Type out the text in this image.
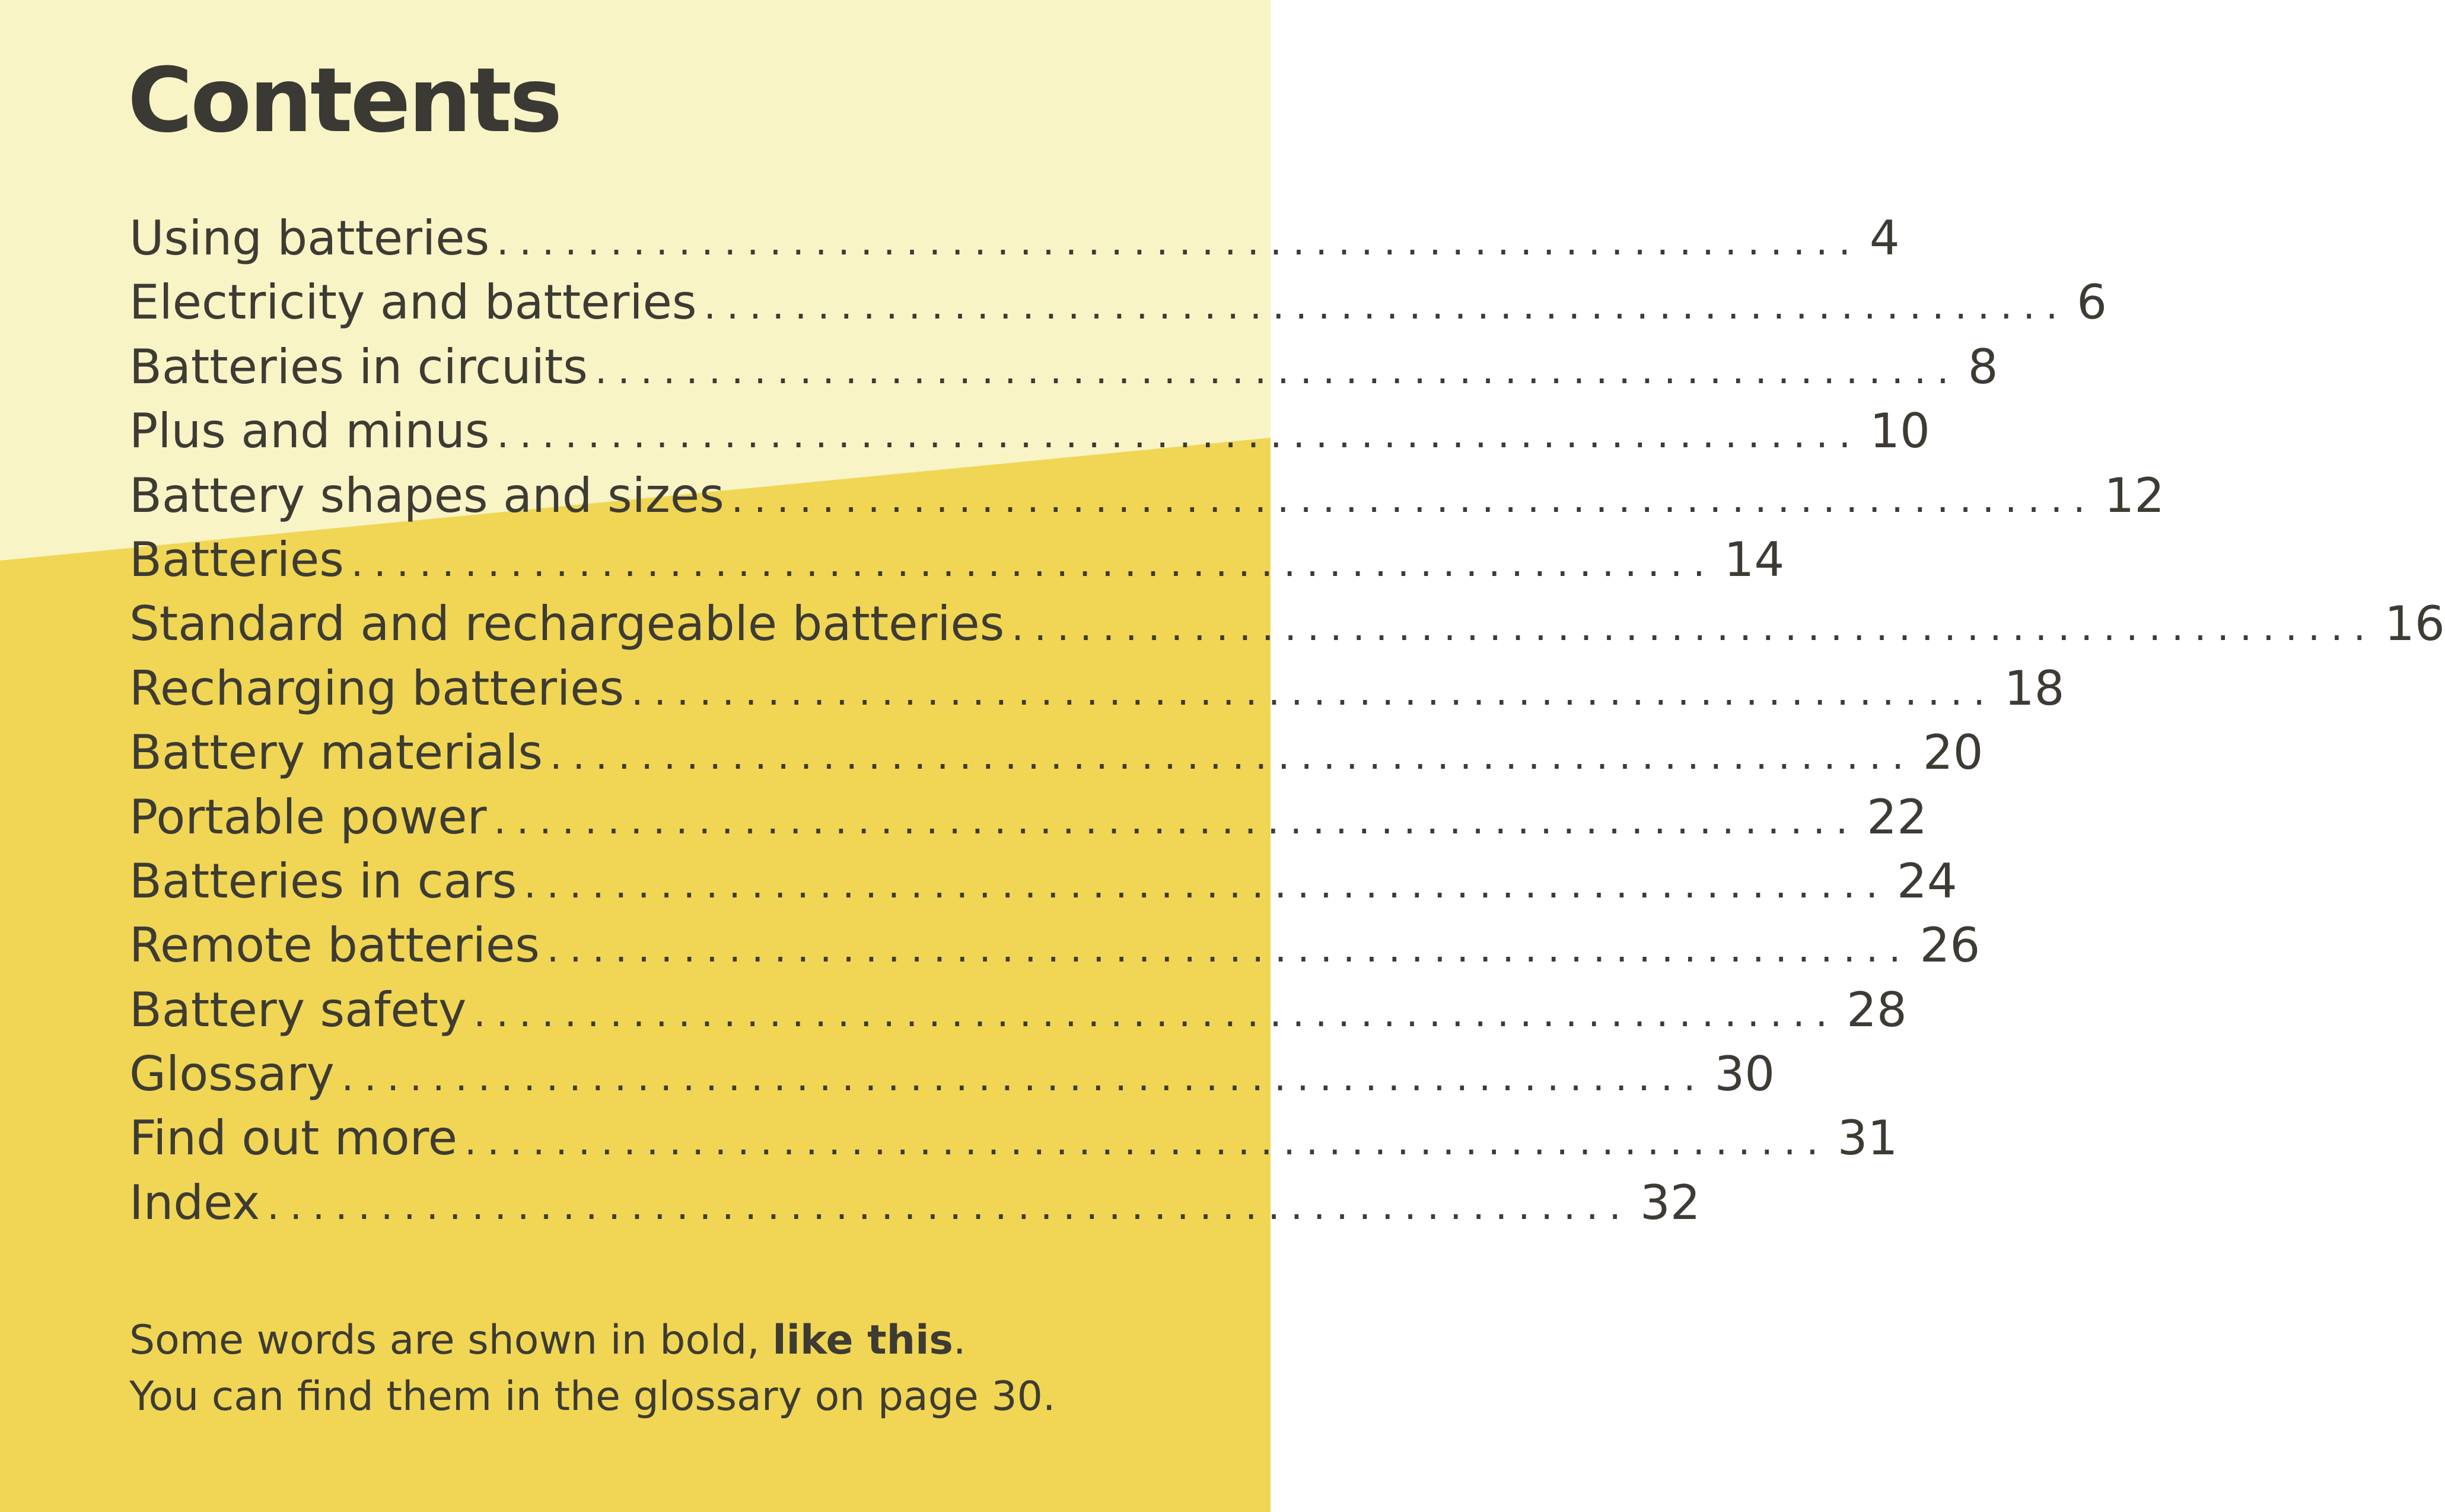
Contents
Using batteries ............................................................ 4
Electricity and batteries ............................................................ 6
Batteries in circuits ............................................................ 8
Plus and minus ............................................................ 10
Battery shapes and sizes ............................................................ 12
Batteries ............................................................ 14
Standard and rechargeable batteries ............................................................ 16
Recharging batteries ............................................................ 18
Battery materials ............................................................ 20
Portable power ............................................................ 22
Batteries in cars ............................................................ 24
Remote batteries ............................................................ 26
Battery safety ............................................................ 28
Glossary ............................................................ 30
Find out more ............................................................ 31
Index ............................................................ 32

Some words are shown in bold, like this.
You can find them in the glossary on page 30.
